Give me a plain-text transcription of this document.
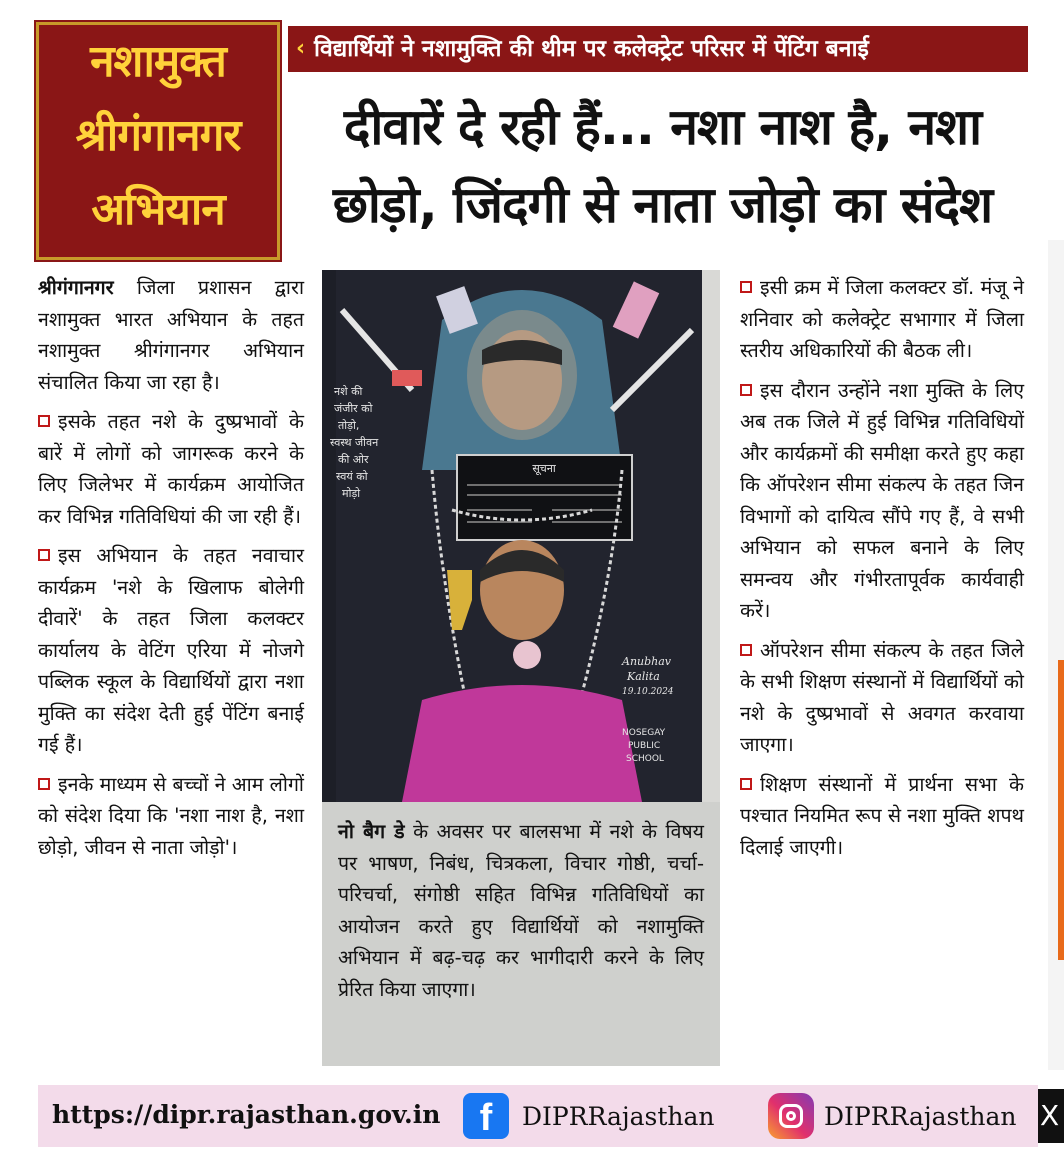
नशामुक्त
श्रीगंगानगर
अभियान
‹ विद्यार्थियों ने नशामुक्ति की थीम पर कलेक्ट्रेट परिसर में पेंटिंग बनाई
दीवारें दे रही हैं... नशा नाश है, नशा
छोड़ो, जिंदगी से नाता जोड़ो का संदेश

श्रीगंगानगर जिला प्रशासन द्वारा नशामुक्त भारत अभियान के तहत नशामुक्त श्रीगंगानगर अभियान संचालित किया जा रहा है।

इसके तहत नशे के दुष्प्रभावों के बारें में लोगों को जागरूक करने के लिए जिलेभर में कार्यक्रम आयोजित कर विभिन्न गतिविधियां की जा रही हैं।

इस अभियान के तहत नवाचार कार्यक्रम 'नशे के खिलाफ बोलेगी दीवारें' के तहत जिला कलक्टर कार्यालय के वेटिंग एरिया में नोजगे पब्लिक स्कूल के विद्यार्थियों द्वारा नशा मुक्ति का संदेश देती हुई पेंटिंग बनाई गई हैं।

इनके माध्यम से बच्चों ने आम लोगों को संदेश दिया कि 'नशा नाश है, नशा छोड़ो, जीवन से नाता जोड़ो'।

सूचना
नशे की
जंजीर को
तोड़ो,
स्वस्थ जीवन
की ओर
स्वयं को
मोड़ो
Anubhav
Kalita
19.10.2024
NOSEGAY
PUBLIC
SCHOOL
नो बैग डे के अवसर पर बालसभा में नशे के विषय पर भाषण, निबंध, चित्रकला, विचार गोष्ठी, चर्चा-परिचर्चा, संगोष्ठी सहित विभिन्न गतिविधियों का आयोजन करते हुए विद्यार्थियों को नशामुक्ति अभियान में बढ़-चढ़ कर भागीदारी करने के लिए प्रेरित किया जाएगा।

इसी क्रम में जिला कलक्टर डॉ. मंजू ने शनिवार को कलेक्ट्रेट सभागार में जिला स्तरीय अधिकारियों की बैठक ली।

इस दौरान उन्होंने नशा मुक्ति के लिए अब तक जिले में हुई विभिन्न गतिविधियों और कार्यक्रमों की समीक्षा करते हुए कहा कि ऑपरेशन सीमा संकल्प के तहत जिन विभागों को दायित्व सौंपे गए हैं, वे सभी अभियान को सफल बनाने के लिए समन्वय और गंभीरतापूर्वक कार्यवाही करें।

ऑपरेशन सीमा संकल्प के तहत जिले के सभी शिक्षण संस्थानों में विद्यार्थियों को नशे के दुष्प्रभावों से अवगत करवाया जाएगा।

शिक्षण संस्थानों में प्रार्थना सभा के पश्चात नियमित रूप से नशा मुक्ति शपथ दिलाई जाएगी।

https://dipr.rajasthan.gov.in	f	DIPRRajasthan	DIPRRajasthan X
